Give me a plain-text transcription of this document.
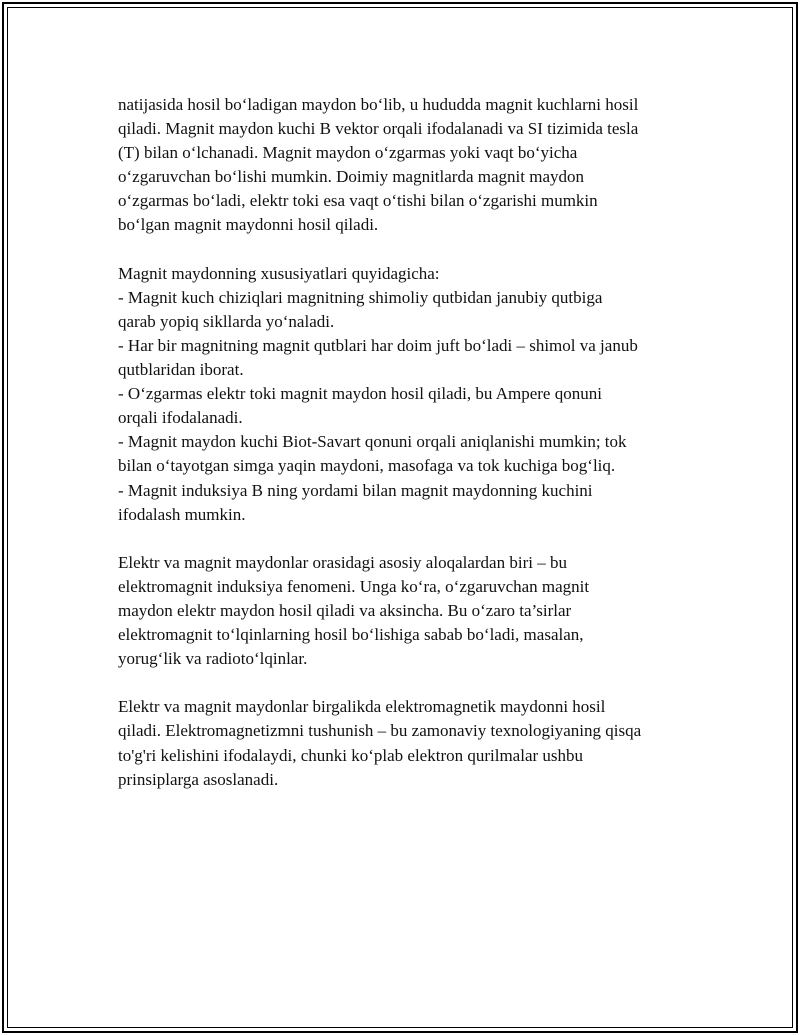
natijasida hosil bo‘ladigan maydon bo‘lib, u hududda magnit kuchlarni hosil
qiladi. Magnit maydon kuchi B vektor orqali ifodalanadi va SI tizimida tesla
(T) bilan o‘lchanadi. Magnit maydon o‘zgarmas yoki vaqt bo‘yicha
o‘zgaruvchan bo‘lishi mumkin. Doimiy magnitlarda magnit maydon
o‘zgarmas bo‘ladi, elektr toki esa vaqt o‘tishi bilan o‘zgarishi mumkin
bo‘lgan magnit maydonni hosil qiladi.

Magnit maydonning xususiyatlari quyidagicha:
- Magnit kuch chiziqlari magnitning shimoliy qutbidan janubiy qutbiga
qarab yopiq sikllarda yo‘naladi.
- Har bir magnitning magnit qutblari har doim juft bo‘ladi – shimol va janub
qutblaridan iborat.
- O‘zgarmas elektr toki magnit maydon hosil qiladi, bu Ampere qonuni
orqali ifodalanadi.
- Magnit maydon kuchi Biot-Savart qonuni orqali aniqlanishi mumkin; tok
bilan o‘tayotgan simga yaqin maydoni, masofaga va tok kuchiga bog‘liq.
- Magnit induksiya B ning yordami bilan magnit maydonning kuchini
ifodalash mumkin.

Elektr va magnit maydonlar orasidagi asosiy aloqalardan biri – bu
elektromagnit induksiya fenomeni. Unga ko‘ra, o‘zgaruvchan magnit
maydon elektr maydon hosil qiladi va aksincha. Bu o‘zaro ta’sirlar
elektromagnit to‘lqinlarning hosil bo‘lishiga sabab bo‘ladi, masalan,
yorug‘lik va radioto‘lqinlar.

Elektr va magnit maydonlar birgalikda elektromagnetik maydonni hosil
qiladi. Elektromagnetizmni tushunish – bu zamonaviy texnologiyaning qisqa
to'g'ri kelishini ifodalaydi, chunki ko‘plab elektron qurilmalar ushbu
prinsiplarga asoslanadi.
